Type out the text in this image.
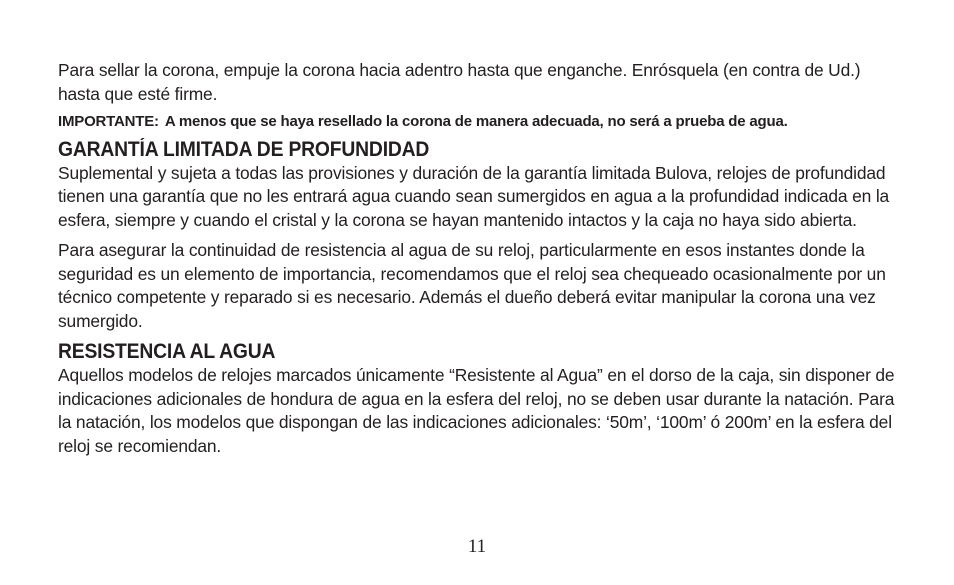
Para sellar la corona, empuje la corona hacia adentro hasta que enganche. Enrósquela (en contra de Ud.) hasta que esté firme.

IMPORTANTE: A menos que se haya resellado la corona de manera adecuada, no será a prueba de agua.

GARANTÍA LIMITADA DE PROFUNDIDAD

Suplemental y sujeta a todas las provisiones y duración de la garantía limitada Bulova, relojes de profundidad tienen una garantía que no les entrará agua cuando sean sumergidos en agua a la profundidad indicada en la esfera, siempre y cuando el cristal y la corona se hayan mantenido intactos y la caja no haya sido abierta.

Para asegurar la continuidad de resistencia al agua de su reloj, particularmente en esos instantes donde la seguridad es un elemento de importancia, recomendamos que el reloj sea chequeado ocasionalmente por un técnico competente y reparado si es necesario. Además el dueño deberá evitar manipular la corona una vez sumergido.

RESISTENCIA AL AGUA

Aquellos modelos de relojes marcados únicamente “Resistente al Agua” en el dorso de la caja, sin disponer de indicaciones adicionales de hondura de agua en la esfera del reloj, no se deben usar durante la natación. Para la natación, los modelos que dispongan de las indicaciones adicionales: ‘50m’, ‘100m’ ó 200m’ en la esfera del reloj se recomiendan.

11
